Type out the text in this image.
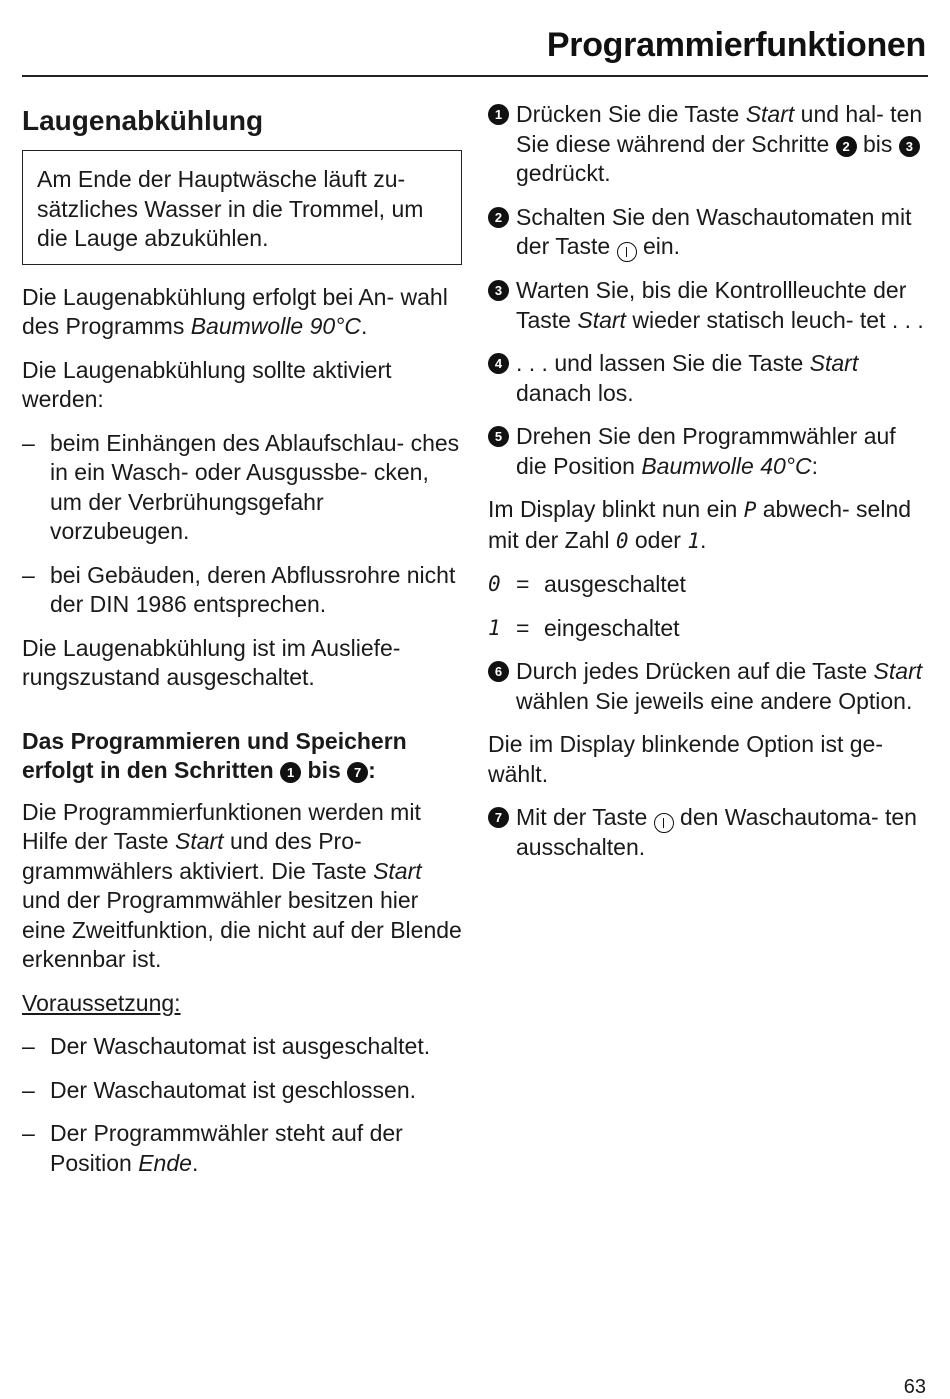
Programmierfunktionen
Laugenabkühlung

Am Ende der Hauptwäsche läuft zu- sätzliches Wasser in die Trommel, um die Lauge abzukühlen.

Die Laugenabkühlung erfolgt bei An- wahl des Programms Baumwolle 90°C.

Die Laugenabkühlung sollte aktiviert werden:

– beim Einhängen des Ablaufschlau- ches in ein Wasch- oder Ausgussbe- cken, um der Verbrühungsgefahr vorzubeugen.
– bei Gebäuden, deren Abflussrohre nicht der DIN 1986 entsprechen.

Die Laugenabkühlung ist im Ausliefe- rungszustand ausgeschaltet.

Das Programmieren und Speichern erfolgt in den Schritten 1 bis 7 :

Die Programmierfunktionen werden mit Hilfe der Taste Start und des Pro- grammwählers aktiviert. Die Taste Start und der Programmwähler besitzen hier eine Zweitfunktion, die nicht auf der Blende erkennbar ist.

Voraussetzung:

– Der Waschautomat ist ausgeschaltet.
– Der Waschautomat ist geschlossen.
– Der Programmwähler steht auf der Position Ende.
1 Drücken Sie die Taste Start und hal- ten Sie diese während der Schritte 2 bis 3 gedrückt.
2 Schalten Sie den Waschautomaten mit der Taste  ein.
3 Warten Sie, bis die Kontrollleuchte der Taste Start wieder statisch leuch- tet . . .
4 . . . und lassen Sie die Taste Start danach los.
5 Drehen Sie den Programmwähler auf die Position Baumwolle 40°C:

Im Display blinkt nun ein P abwech- selnd mit der Zahl 0 oder 1.

0 = ausgeschaltet
1 = eingeschaltet
6 Durch jedes Drücken auf die Taste Start wählen Sie jeweils eine andere Option.

Die im Display blinkende Option ist ge- wählt.

7 Mit der Taste  den Waschautoma- ten ausschalten.
63
